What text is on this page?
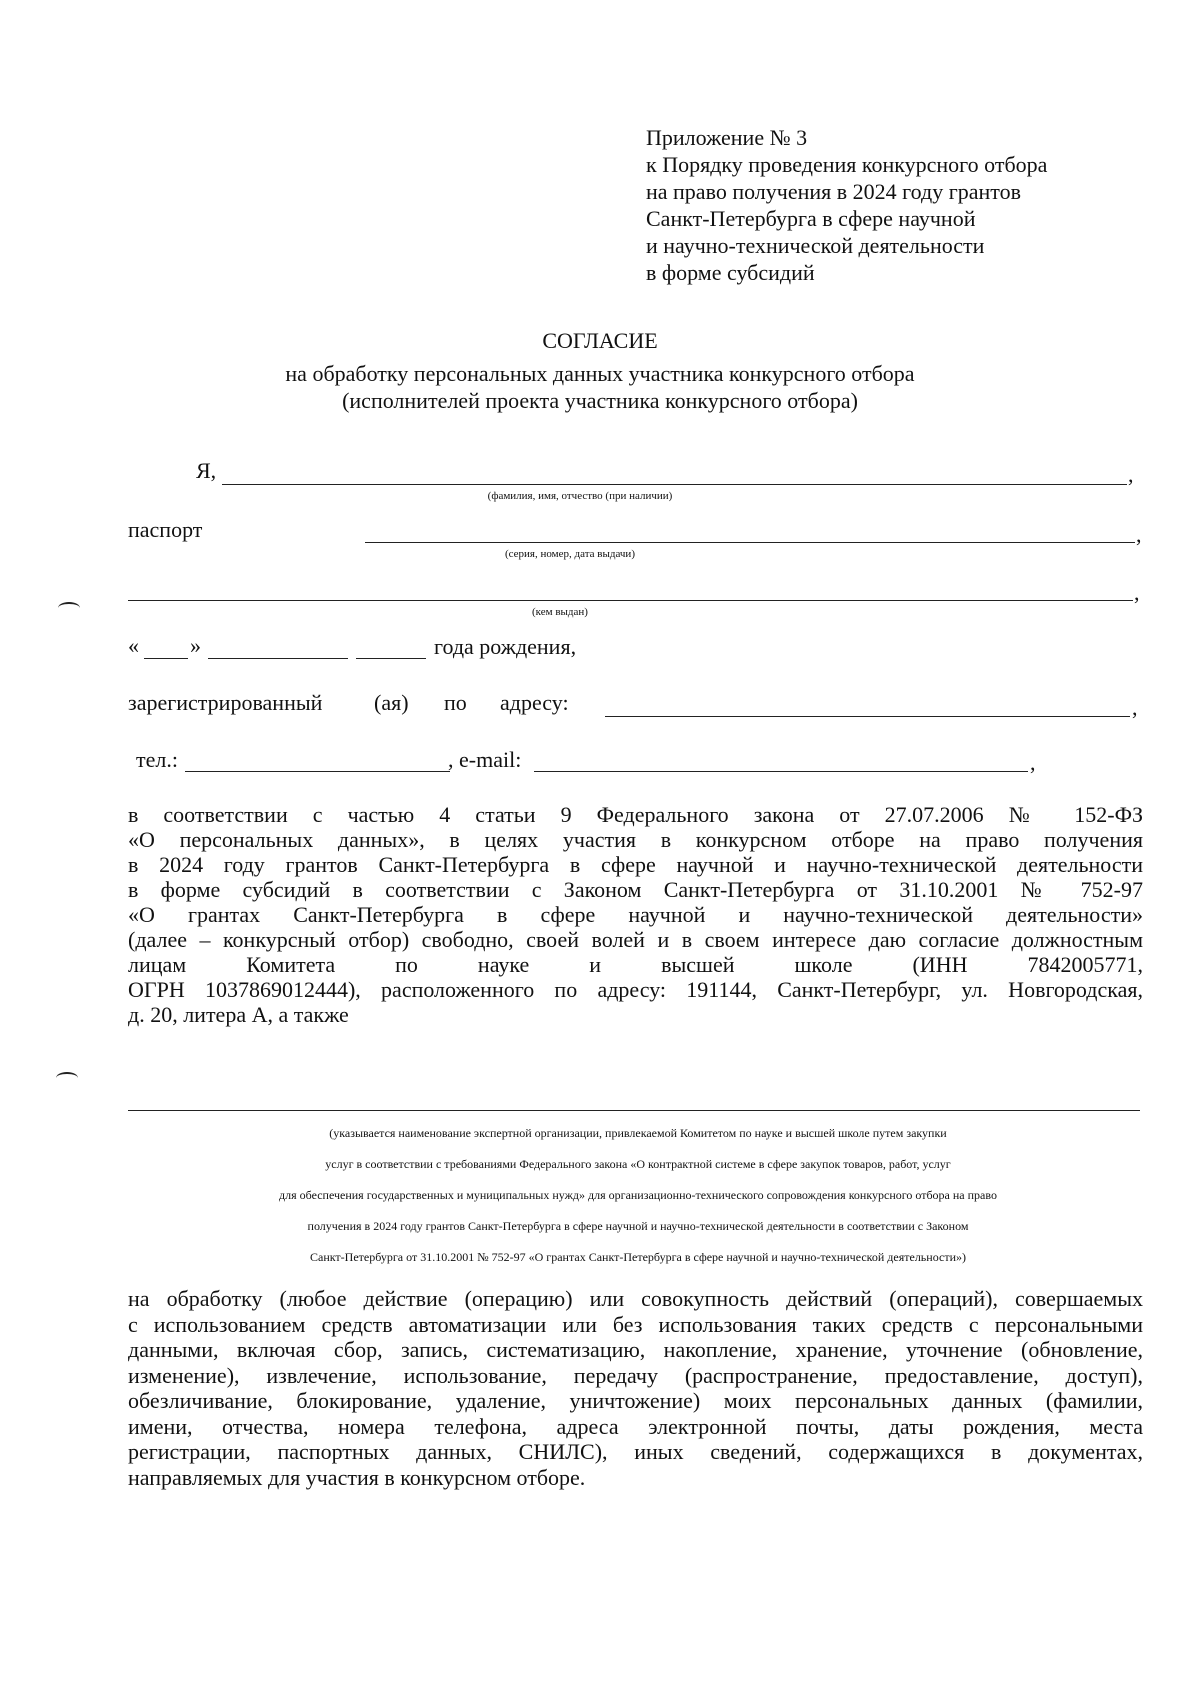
Приложение № 3
к Порядку проведения конкурсного отбора
на право получения в 2024 году грантов
Санкт-Петербурга в сфере научной
и научно-технической деятельности
в форме субсидий
СОГЛАСИЕ
на обработку персональных данных участника конкурсного отбора
(исполнителей проекта участника конкурсного отбора)
Я,	,
(фамилия, имя, отчество (при наличии)
паспорт	,
(серия, номер, дата выдачи)
,
(кем выдан)
« »	года рождения,
зарегистрированный (ая) по адресу:	,
тел.:	, e-mail:	,
в соответствии с частью 4 статьи 9 Федерального закона от 27.07.2006 № 152-ФЗ
«О персональных данных», в целях участия в конкурсном отборе на право получения
в 2024 году грантов Санкт-Петербурга в сфере научной и научно-технической деятельности
в форме субсидий в соответствии с Законом Санкт-Петербурга от 31.10.2001 № 752-97
«О грантах Санкт-Петербурга в сфере научной и научно-технической деятельности»
(далее – конкурсный отбор) свободно, своей волей и в своем интересе даю согласие должностным
лицам Комитета по науке и высшей школе (ИНН 7842005771,
ОГРН 1037869012444), расположенного по адресу: 191144, Санкт-Петербург, ул. Новгородская,
д. 20, литера А, а также
(указывается наименование экспертной организации, привлекаемой Комитетом по науке и высшей школе путем закупки
услуг в соответствии с требованиями Федерального закона «О контрактной системе в сфере закупок товаров, работ, услуг
для обеспечения государственных и муниципальных нужд» для организационно-технического сопровождения конкурсного отбора на право
получения в 2024 году грантов Санкт-Петербурга в сфере научной и научно-технической деятельности в соответствии с Законом
Санкт-Петербурга от 31.10.2001 № 752-97 «О грантах Санкт-Петербурга в сфере научной и научно-технической деятельности»)
на обработку (любое действие (операцию) или совокупность действий (операций), совершаемых
с использованием средств автоматизации или без использования таких средств с персональными
данными, включая сбор, запись, систематизацию, накопление, хранение, уточнение (обновление,
изменение), извлечение, использование, передачу (распространение, предоставление, доступ),
обезличивание, блокирование, удаление, уничтожение) моих персональных данных (фамилии,
имени, отчества, номера телефона, адреса электронной почты, даты рождения, места
регистрации, паспортных данных, СНИЛС), иных сведений, содержащихся в документах,
направляемых для участия в конкурсном отборе.
